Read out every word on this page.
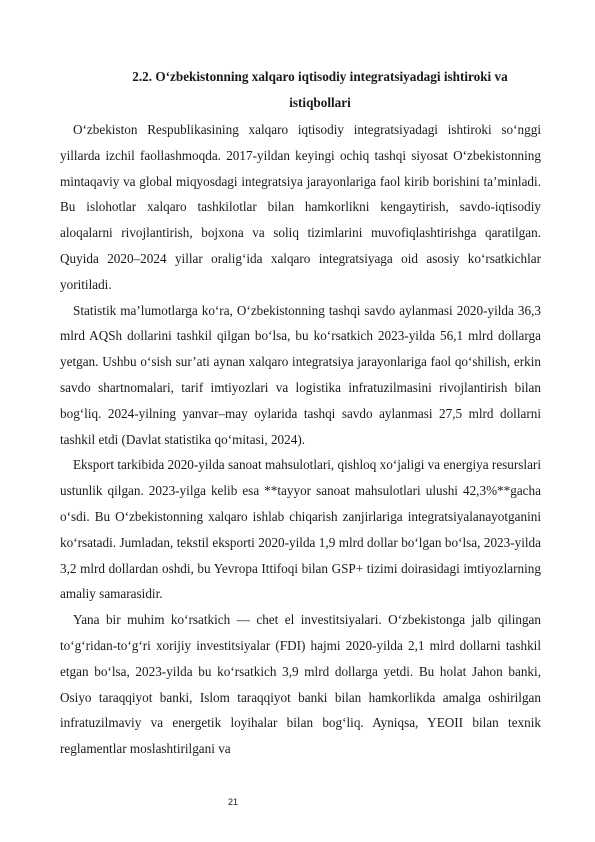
2.2. O‘zbekistonning xalqaro iqtisodiy integratsiyadagi ishtiroki va istiqbollari

O‘zbekiston Respublikasining xalqaro iqtisodiy integratsiyadagi ishtiroki so‘nggi yillarda izchil faollashmoqda. 2017-yildan keyingi ochiq tashqi siyosat O‘zbekistonning mintaqaviy va global miqyosdagi integratsiya jarayonlariga faol kirib borishini ta’minladi. Bu islohotlar xalqaro tashkilotlar bilan hamkorlikni kengaytirish, savdo-iqtisodiy aloqalarni rivojlantirish, bojxona va soliq tizimlarini muvofiqlashtirishga qaratilgan. Quyida 2020–2024 yillar oralig‘ida xalqaro integratsiyaga oid asosiy ko‘rsatkichlar yoritiladi.

Statistik ma’lumotlarga ko‘ra, O‘zbekistonning tashqi savdo aylanmasi 2020-yilda 36,3 mlrd AQSh dollarini tashkil qilgan bo‘lsa, bu ko‘rsatkich 2023-yilda 56,1 mlrd dollarga yetgan. Ushbu o‘sish sur’ati aynan xalqaro integratsiya jarayonlariga faol qo‘shilish, erkin savdo shartnomalari, tarif imtiyozlari va logistika infratuzilmasini rivojlantirish bilan bog‘liq. 2024-yilning yanvar–may oylarida tashqi savdo aylanmasi 27,5 mlrd dollarni tashkil etdi (Davlat statistika qo‘mitasi, 2024).

Eksport tarkibida 2020-yilda sanoat mahsulotlari, qishloq xo‘jaligi va energiya resurslari ustunlik qilgan. 2023-yilga kelib esa **tayyor sanoat mahsulotlari ulushi 42,3%**gacha o‘sdi. Bu O‘zbekistonning xalqaro ishlab chiqarish zanjirlariga integratsiyalanayotganini ko‘rsatadi. Jumladan, tekstil eksporti 2020-yilda 1,9 mlrd dollar bo‘lgan bo‘lsa, 2023-yilda 3,2 mlrd dollardan oshdi, bu Yevropa Ittifoqi bilan GSP+ tizimi doirasidagi imtiyozlarning amaliy samarasidir.

Yana bir muhim ko‘rsatkich — chet el investitsiyalari. O‘zbekistonga jalb qilingan to‘g‘ridan-to‘g‘ri xorijiy investitsiyalar (FDI) hajmi 2020-yilda 2,1 mlrd dollarni tashkil etgan bo‘lsa, 2023-yilda bu ko‘rsatkich 3,9 mlrd dollarga yetdi. Bu holat Jahon banki, Osiyo taraqqiyot banki, Islom taraqqiyot banki bilan hamkorlikda amalga oshirilgan infratuzilmaviy va energetik loyihalar bilan bog‘liq. Ayniqsa, YEOII bilan texnik reglamentlar moslashtirilgani va

21
